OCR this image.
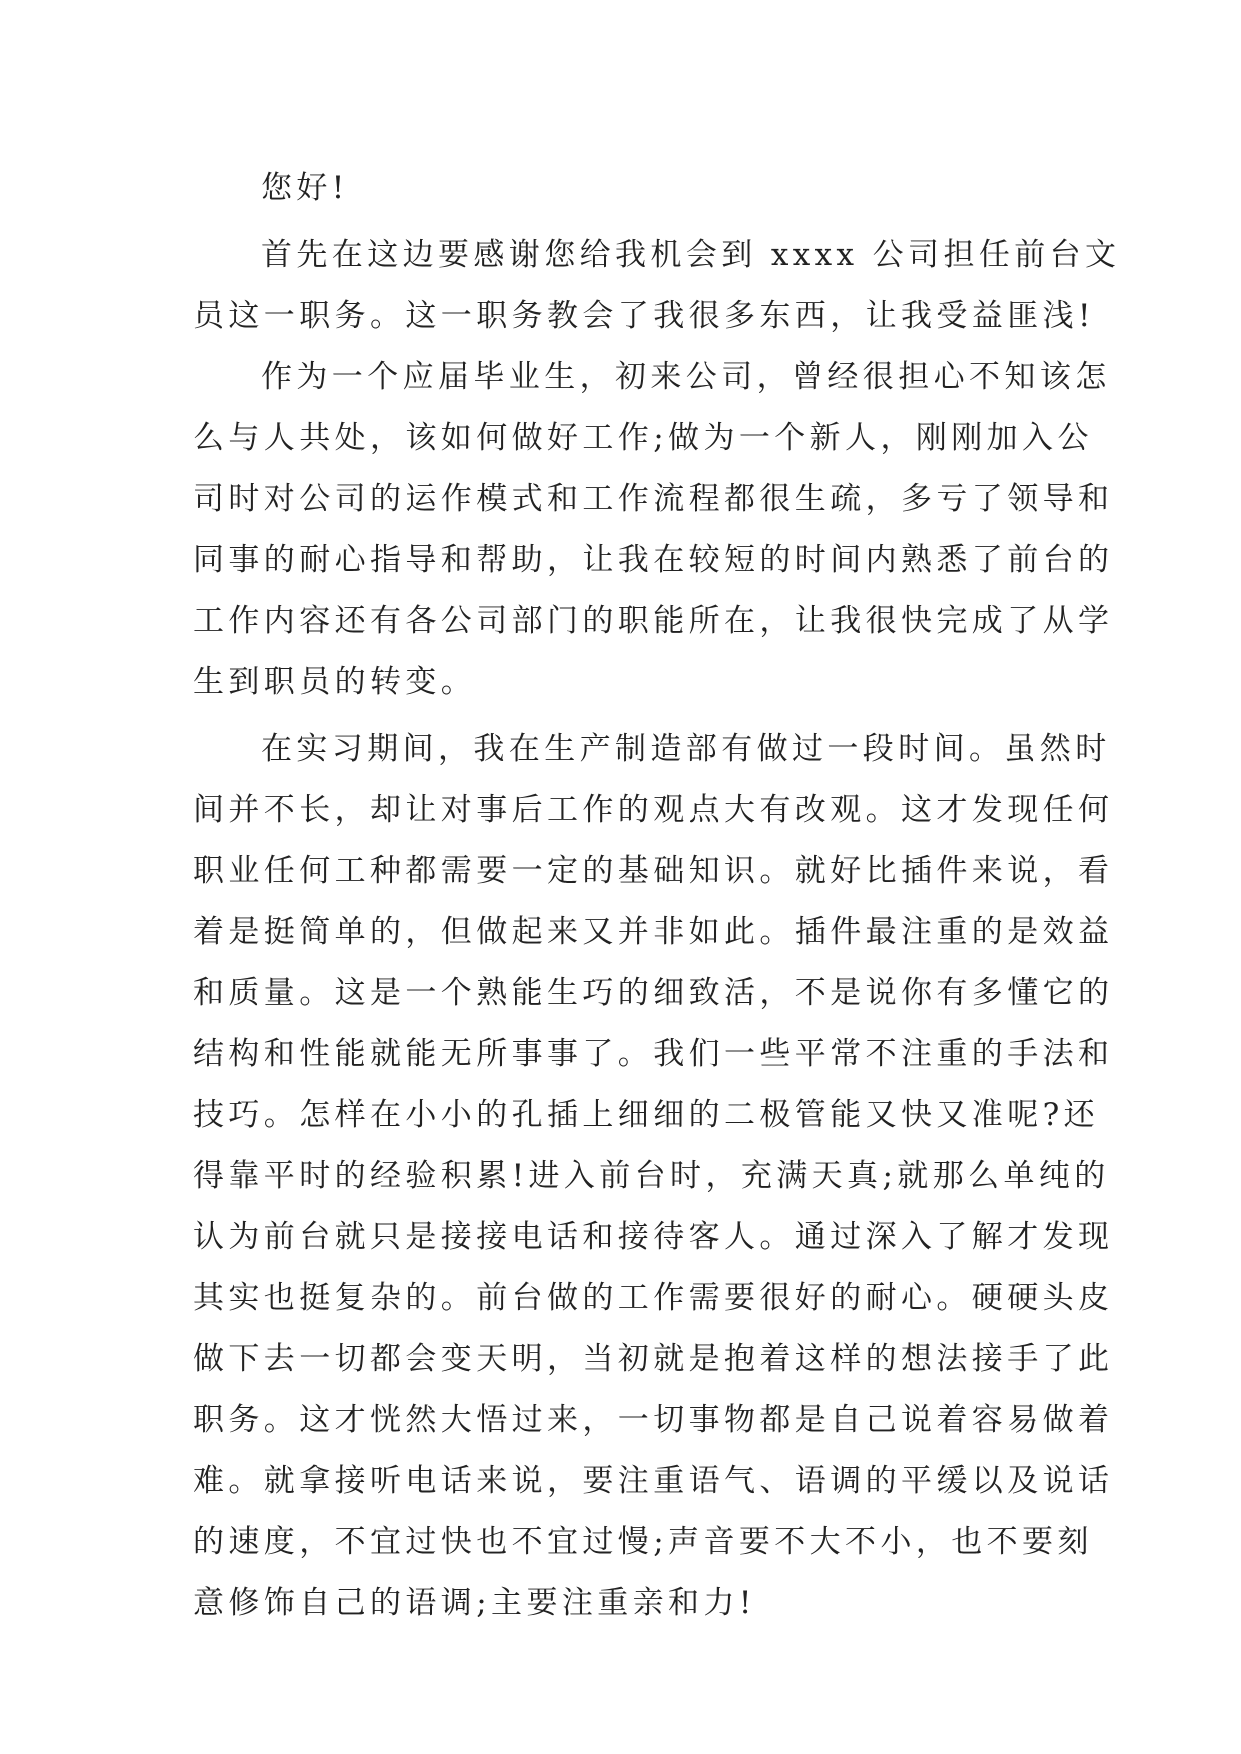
您好!
首先在这边要感谢您给我机会到 xxxx 公司担任前台文
员这一职务。这一职务教会了我很多东西，让我受益匪浅!
作为一个应届毕业生，初来公司，曾经很担心不知该怎
么与人共处，该如何做好工作;做为一个新人，刚刚加入公
司时对公司的运作模式和工作流程都很生疏，多亏了领导和
同事的耐心指导和帮助，让我在较短的时间内熟悉了前台的
工作内容还有各公司部门的职能所在，让我很快完成了从学
生到职员的转变。
在实习期间，我在生产制造部有做过一段时间。虽然时
间并不长，却让对事后工作的观点大有改观。这才发现任何
职业任何工种都需要一定的基础知识。就好比插件来说，看
着是挺简单的，但做起来又并非如此。插件最注重的是效益
和质量。这是一个熟能生巧的细致活，不是说你有多懂它的
结构和性能就能无所事事了。我们一些平常不注重的手法和
技巧。怎样在小小的孔插上细细的二极管能又快又准呢?还
得靠平时的经验积累!进入前台时，充满天真;就那么单纯的
认为前台就只是接接电话和接待客人。通过深入了解才发现
其实也挺复杂的。前台做的工作需要很好的耐心。硬硬头皮
做下去一切都会变天明，当初就是抱着这样的想法接手了此
职务。这才恍然大悟过来，一切事物都是自己说着容易做着
难。就拿接听电话来说，要注重语气、语调的平缓以及说话
的速度，不宜过快也不宜过慢;声音要不大不小，也不要刻
意修饰自己的语调;主要注重亲和力!
